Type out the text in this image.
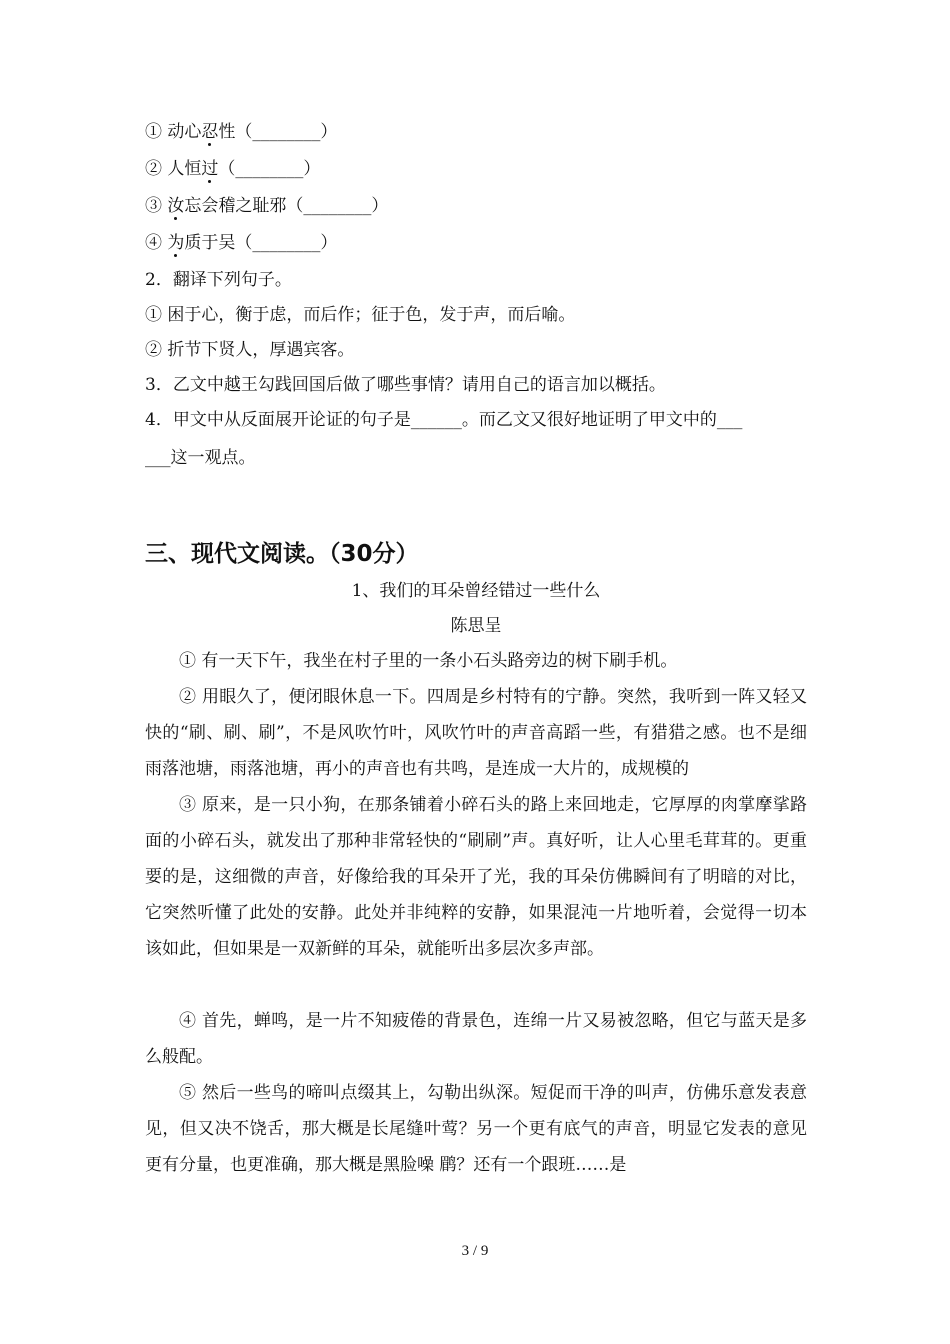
① 动心忍性（________）
② 人恒过（________）
③ 汝忘会稽之耻邪（________）
④ 为质于吴（________）
2．翻译下列句子。
① 困于心，衡于虑，而后作；征于色，发于声，而后喻。
② 折节下贤人，厚遇宾客。
3．乙文中越王勾践回国后做了哪些事情？请用自己的语言加以概括。
4．甲文中从反面展开论证的句子是______。而乙文又很好地证明了甲文中的___
___这一观点。
三、现代文阅读。（30分）
1、我们的耳朵曾经错过一些什么
陈思呈

① 有一天下午，我坐在村子里的一条小石头路旁边的树下刷手机。

② 用眼久了，便闭眼休息一下。四周是乡村特有的宁静。突然，我听到一阵又轻又快的“刷、刷、刷”，不是风吹竹叶，风吹竹叶的声音高蹈一些，有猎猎之感。也不是细雨落池塘，雨落池塘，再小的声音也有共鸣，是连成一大片的，成规模的

③ 原来，是一只小狗，在那条铺着小碎石头的路上来回地走，它厚厚的肉掌摩挲路面的小碎石头，就发出了那种非常轻快的“刷刷”声。真好听，让人心里毛茸茸的。更重要的是，这细微的声音，好像给我的耳朵开了光，我的耳朵仿佛瞬间有了明暗的对比，它突然听懂了此处的安静。此处并非纯粹的安静，如果混沌一片地听着，会觉得一切本该如此，但如果是一双新鲜的耳朵，就能听出多层次多声部。

④ 首先，蝉鸣，是一片不知疲倦的背景色，连绵一片又易被忽略，但它与蓝天是多么般配。

⑤ 然后一些鸟的啼叫点缀其上，勾勒出纵深。短促而干净的叫声，仿佛乐意发表意见，但又决不饶舌，那大概是长尾缝叶莺？另一个更有底气的声音，明显它发表的意见更有分量，也更准确，那大概是黑脸噪 鹛？还有一个跟班……是

3 / 9
